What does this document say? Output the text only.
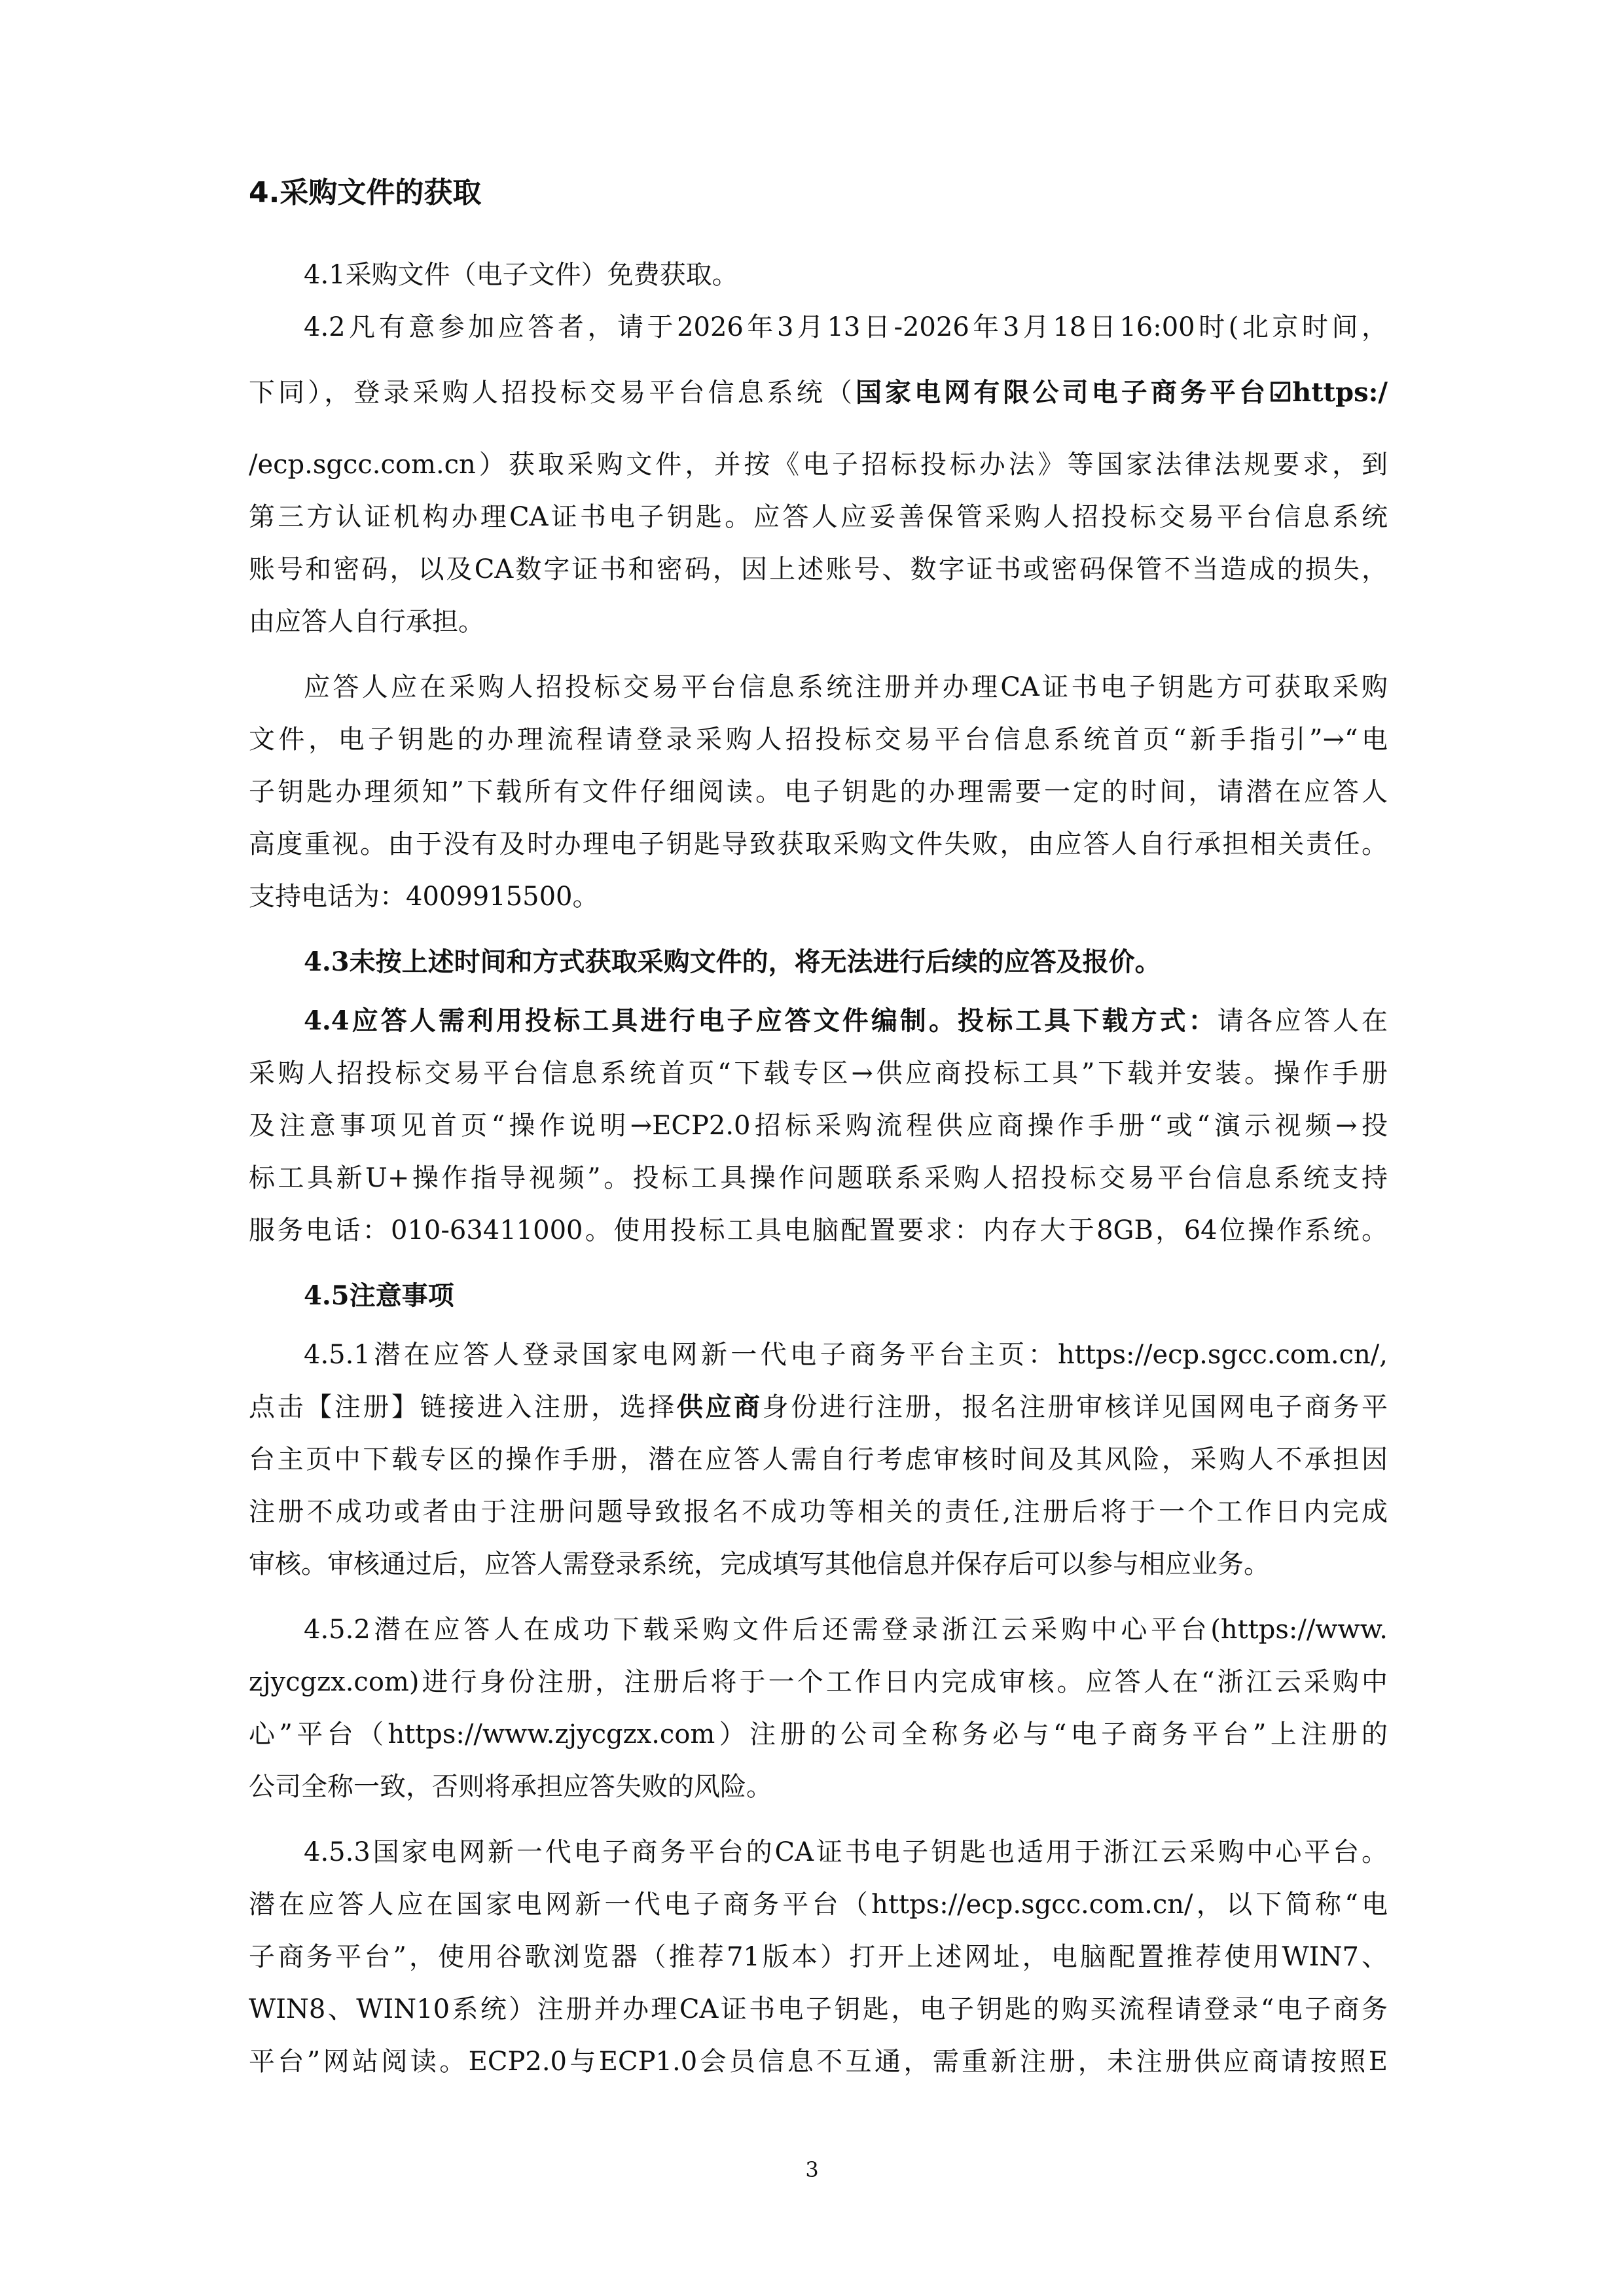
4.采购文件的获取

4.1采购文件（电子文件）免费获取。

4.2凡有意参加应答者，请于2026年3月13日-2026年3月18日16:00时(北京时间，

下同），登录采购人招投标交易平台信息系统（国家电网有限公司电子商务平台☑https:/

/ecp.sgcc.com.cn）获取采购文件，并按《电子招标投标办法》等国家法律法规要求，到

第三方认证机构办理CA证书电子钥匙。应答人应妥善保管采购人招投标交易平台信息系统

账号和密码，以及CA数字证书和密码，因上述账号、数字证书或密码保管不当造成的损失，

由应答人自行承担。

应答人应在采购人招投标交易平台信息系统注册并办理CA证书电子钥匙方可获取采购

文件，电子钥匙的办理流程请登录采购人招投标交易平台信息系统首页“新手指引”→“电

子钥匙办理须知”下载所有文件仔细阅读。电子钥匙的办理需要一定的时间，请潜在应答人

高度重视。由于没有及时办理电子钥匙导致获取采购文件失败，由应答人自行承担相关责任。

支持电话为：4009915500。

4.3未按上述时间和方式获取采购文件的，将无法进行后续的应答及报价。

4.4应答人需利用投标工具进行电子应答文件编制。投标工具下载方式：请各应答人在

采购人招投标交易平台信息系统首页“下载专区→供应商投标工具”下载并安装。操作手册

及注意事项见首页“操作说明→ECP2.0招标采购流程供应商操作手册“或“演示视频→投

标工具新U+操作指导视频”。投标工具操作问题联系采购人招投标交易平台信息系统支持

服务电话：010-63411000。使用投标工具电脑配置要求：内存大于8GB，64位操作系统。

4.5注意事项

4.5.1潜在应答人登录国家电网新一代电子商务平台主页：https://ecp.sgcc.com.cn/,

点击【注册】链接进入注册，选择供应商身份进行注册，报名注册审核详见国网电子商务平

台主页中下载专区的操作手册，潜在应答人需自行考虑审核时间及其风险，采购人不承担因

注册不成功或者由于注册问题导致报名不成功等相关的责任,注册后将于一个工作日内完成

审核。审核通过后，应答人需登录系统，完成填写其他信息并保存后可以参与相应业务。

4.5.2潜在应答人在成功下载采购文件后还需登录浙江云采购中心平台(https://www.

zjycgzx.com)进行身份注册，注册后将于一个工作日内完成审核。应答人在“浙江云采购中

心”平台（https://www.zjycgzx.com）注册的公司全称务必与“电子商务平台”上注册的

公司全称一致，否则将承担应答失败的风险。

4.5.3国家电网新一代电子商务平台的CA证书电子钥匙也适用于浙江云采购中心平台。

潜在应答人应在国家电网新一代电子商务平台（https://ecp.sgcc.com.cn/，以下简称“电

子商务平台”，使用谷歌浏览器（推荐71版本）打开上述网址，电脑配置推荐使用WIN7、

WIN8、WIN10系统）注册并办理CA证书电子钥匙，电子钥匙的购买流程请登录“电子商务

平台”网站阅读。ECP2.0与ECP1.0会员信息不互通，需重新注册，未注册供应商请按照E

3
